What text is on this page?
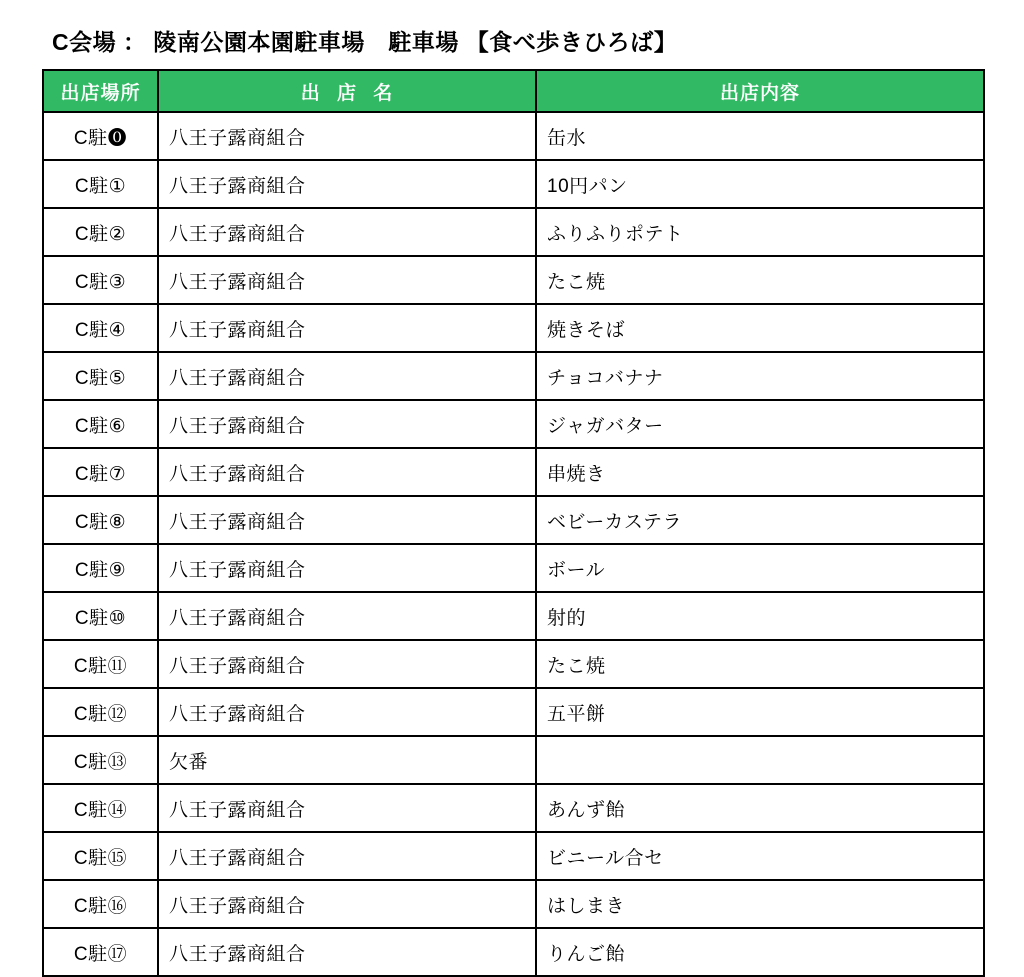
C会場 ： 陵南公園本園駐車場　駐車場 【食べ歩きひろば】
出店場所	出 店 名	出店内容
C駐⓿	八王子露商組合	缶水
C駐①	八王子露商組合	10円パン
C駐②	八王子露商組合	ふりふりポテト
C駐③	八王子露商組合	たこ焼
C駐④	八王子露商組合	焼きそば
C駐⑤	八王子露商組合	チョコバナナ
C駐⑥	八王子露商組合	ジャガバター
C駐⑦	八王子露商組合	串焼き
C駐⑧	八王子露商組合	ベビーカステラ
C駐⑨	八王子露商組合	ボール
C駐⑩	八王子露商組合	射的
C駐⑪	八王子露商組合	たこ焼
C駐⑫	八王子露商組合	五平餅
C駐⑬	欠番	
C駐⑭	八王子露商組合	あんず飴
C駐⑮	八王子露商組合	ビニール合セ
C駐⑯	八王子露商組合	はしまき
C駐⑰	八王子露商組合	りんご飴
